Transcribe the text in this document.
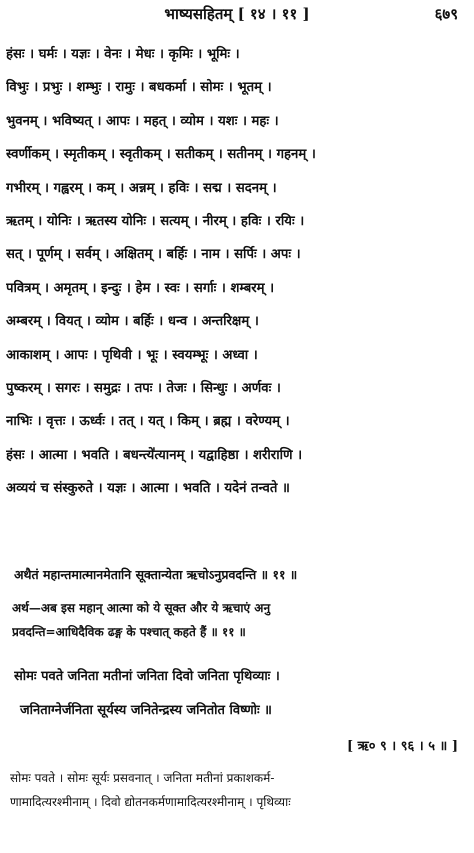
भाष्यसहितम् [ १४ । ११ ]	६७९
हंसः । घर्मः । यज्ञः । वेनः । मेधः । कृमिः । भूमिः ।
विभुः । प्रभुः । शम्भुः । रामुः । बधकर्मा । सोमः । भूतम् ।
भुवनम् । भविष्यत् । आपः । महत् । व्योम । यशः । महः ।
स्वर्णीकम् । स्मृतीकम् । स्वृतीकम् । सतीकम् । सतीनम् । गहनम् ।
गभीरम् । गह्वरम् । कम् । अन्नम् । हविः । सद्म । सदनम् ।
ऋतम् । योनिः । ऋतस्य योनिः । सत्यम् । नीरम् । हविः । रयिः ।
सत् । पूर्णम् । सर्वम् । अक्षितम् । बर्हिः । नाम । सर्पिः । अपः ।
पवित्रम् । अमृतम् । इन्दुः । हेम । स्वः । सर्गाः । शम्बरम् ।
अम्बरम् । वियत् । व्योम । बर्हिः । धन्व । अन्तरिक्षम् ।
आकाशम् । आपः । पृथिवी । भूः । स्वयम्भूः । अध्वा ।
पुष्करम् । सगरः । समुद्रः । तपः । तेजः । सिन्धुः । अर्णवः ।
नाभिः । वृत्तः । ऊर्ध्वः । तत् । यत् । किम् । ब्रह्म । वरेण्यम् ।
हंसः । आत्मा । भवति । बधन्त्ये॑त्यानम् । यद्वाहिष्ठा । शरीराणि ।
अव्ययं च संस्कुरुते । यज्ञः । आत्मा । भवति । यदेनं तन्वते ॥
अथैतं महान्तमात्मानमेतानि सूक्तान्येता ऋचोऽनुप्रवदन्ति ॥ ११ ॥
अर्थ—अब इस महान् आत्मा को ये सूक्त और ये ऋचाएं अनु
प्रवदन्ति=आधिदैविक ढङ्ग के पश्चात् कहते हैं ॥ ११ ॥
सोमः पवते जनिता मतीनां जनिता दिवो जनिता पृथिव्याः ।
जनिताग्नेर्जनिता सूर्यस्य जनितेन्द्रस्य जनितोत विष्णोः ॥
[ ऋ० ९ । ९६ । ५ ॥ ]
सोमः पवते । सोमः सूर्यः प्रसवनात् । जनिता मतीनां प्रकाशकर्म-
णामादित्यरश्मीनाम् । दिवो द्योतनकर्मणामादित्यरश्मीनाम् । पृथिव्याः
